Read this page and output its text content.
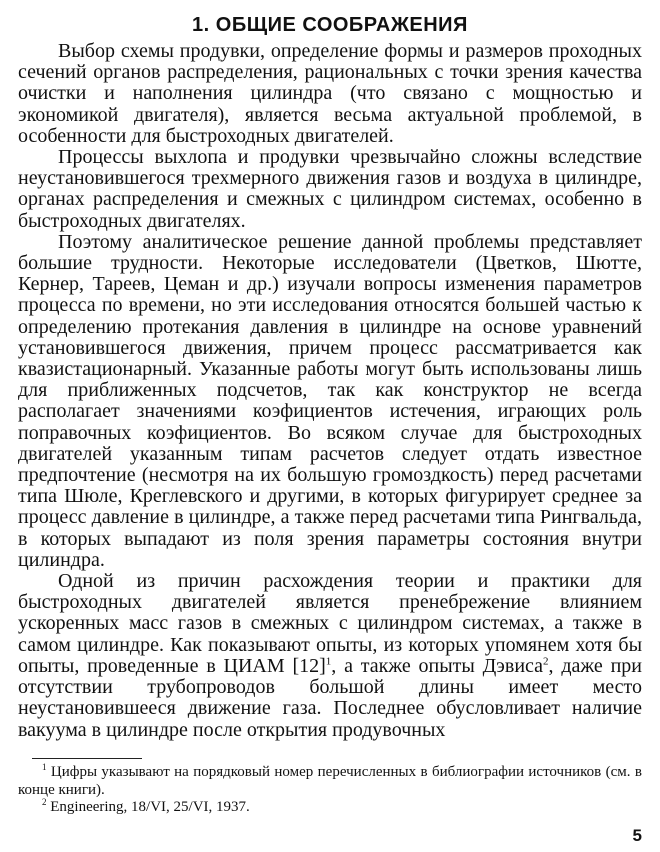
1. ОБЩИЕ СООБРАЖЕНИЯ

Выбор схемы продувки, определение формы и размеров проходных сечений органов распределения, рациональных с точки зрения качества очистки и наполнения цилиндра (что связано с мощностью и экономикой двигателя), является весьма актуальной проблемой, в особенности для быстроходных двигателей.

Процессы выхлопа и продувки чрезвычайно сложны вследствие неустановившегося трехмерного движения газов и воздуха в цилиндре, органах распределения и смежных с цилиндром системах, особенно в быстроходных двигателях.

Поэтому аналитическое решение данной проблемы представляет большие трудности. Некоторые исследователи (Цветков, Шютте, Кернер, Тареев, Цеман и др.) изучали вопросы изменения параметров процесса по времени, но эти исследования относятся большей частью к определению протекания давления в цилиндре на основе уравнений установившегося движения, причем процесс рассматривается как квазистационарный. Указанные работы могут быть использованы лишь для приближенных подсчетов, так как конструктор не всегда располагает значениями коэфициентов истечения, играющих роль поправочных коэфициентов. Во всяком случае для быстроходных двигателей указанным типам расчетов следует отдать известное предпочтение (несмотря на их большую громоздкость) перед расчетами типа Шюле, Креглевского и другими, в которых фигурирует среднее за процесс давление в цилиндре, а также перед расчетами типа Рингвальда, в которых выпадают из поля зрения параметры состояния внутри цилиндра.

Одной из причин расхождения теории и практики для быстроходных двигателей является пренебрежение влиянием ускоренных масс газов в смежных с цилиндром системах, а также в самом цилиндре. Как показывают опыты, из которых упомянем хотя бы опыты, проведенные в ЦИАМ $[12]^1$, а также опыты Дэвиса$^2$, даже при отсутствии трубопроводов большой длины имеет место неустановившееся движение газа. Последнее обусловливает наличие вакуума в цилиндре после открытия продувочных

$^1$ Цифры указывают на порядковый номер перечисленных в библиографии источников (см. в конце книги).

$^2$ Engineering, 18/VI, 25/VI, 1937.

5
